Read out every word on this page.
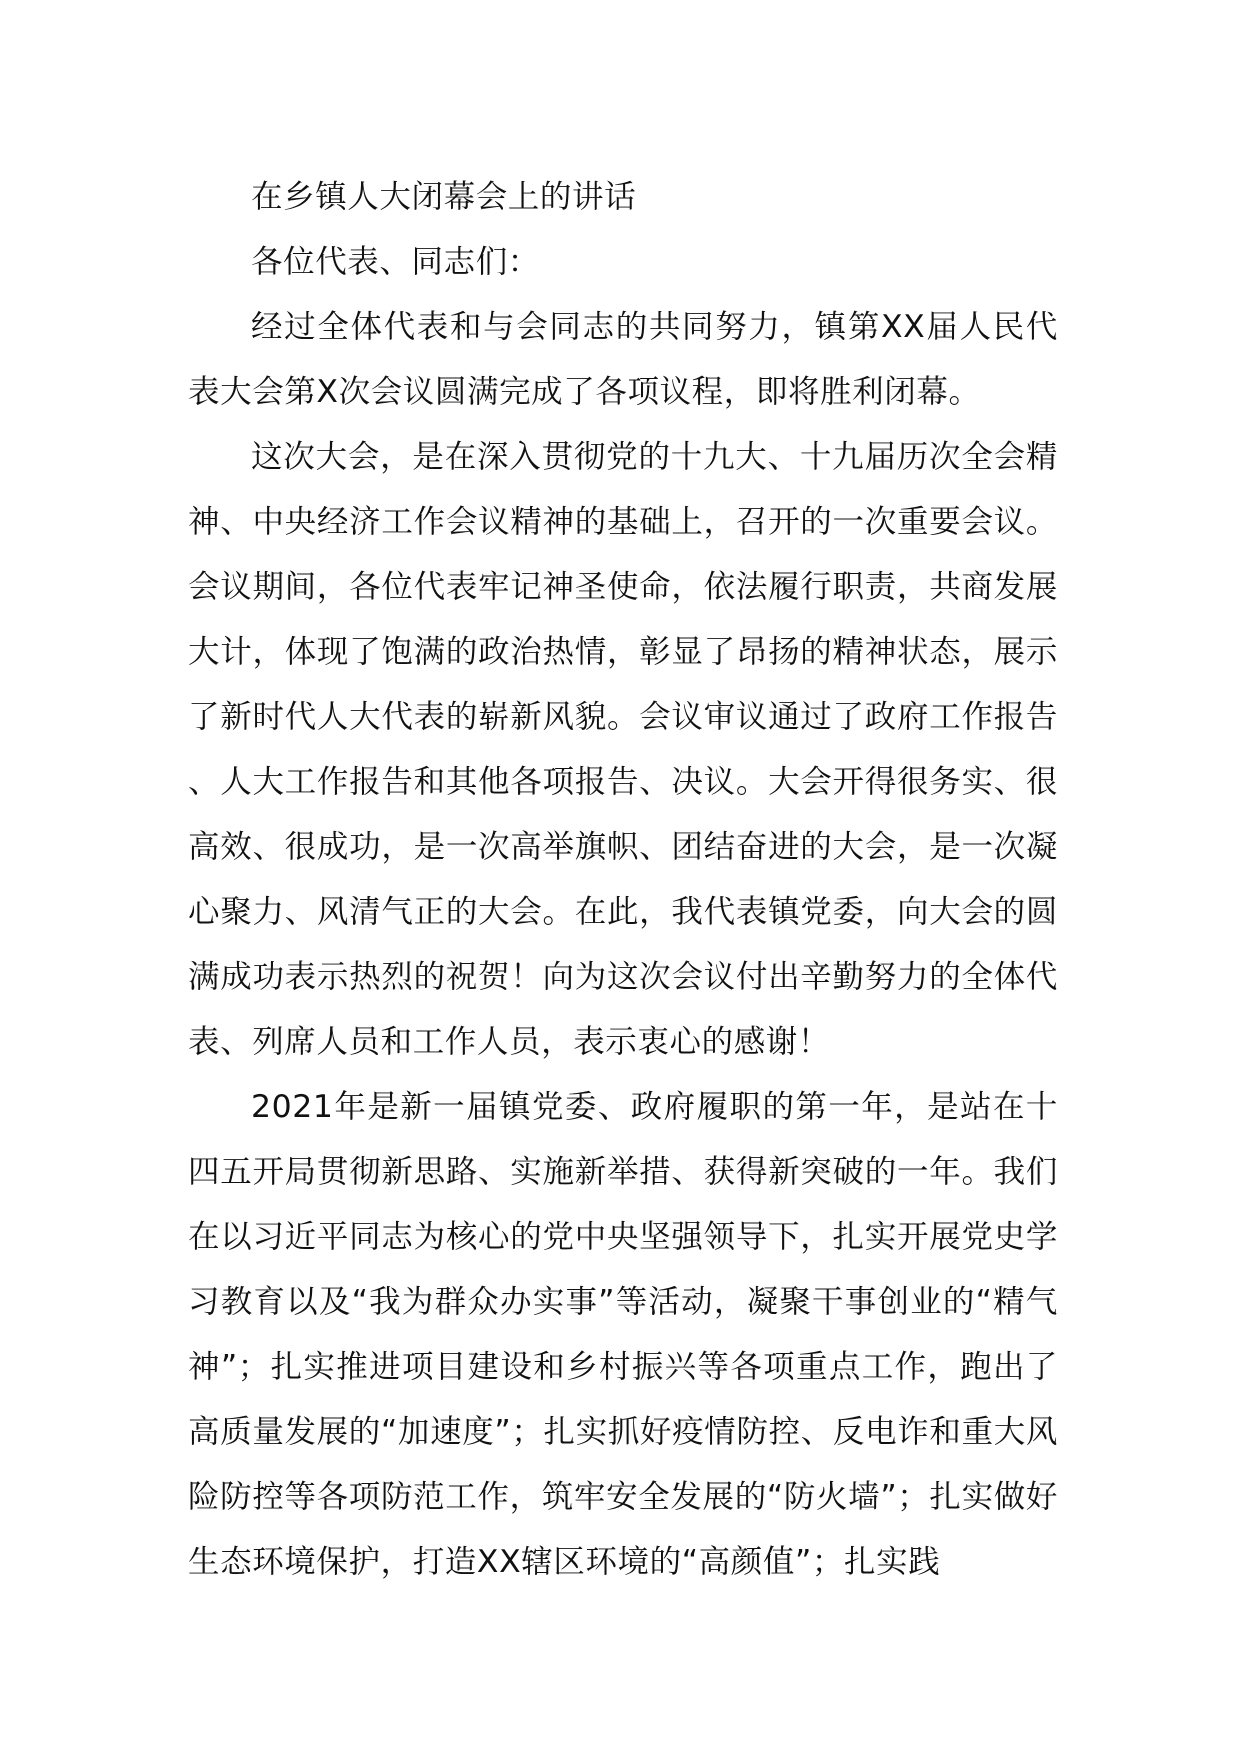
在乡镇人大闭幕会上的讲话

各位代表、同志们：

经过全体代表和与会同志的共同努力，镇第XX届人民代表大会第X次会议圆满完成了各项议程，即将胜利闭幕。

这次大会，是在深入贯彻党的十九大、十九届历次全会精神、中央经济工作会议精神的基础上，召开的一次重要会议。会议期间，各位代表牢记神圣使命，依法履行职责，共商发展大计，体现了饱满的政治热情，彰显了昂扬的精神状态，展示了新时代人大代表的崭新风貌。会议审议通过了政府工作报告、人大工作报告和其他各项报告、决议。大会开得很务实、很高效、很成功，是一次高举旗帜、团结奋进的大会，是一次凝心聚力、风清气正的大会。在此，我代表镇党委，向大会的圆满成功表示热烈的祝贺！向为这次会议付出辛勤努力的全体代表、列席人员和工作人员，表示衷心的感谢！

2021年是新一届镇党委、政府履职的第一年，是站在十四五开局贯彻新思路、实施新举措、获得新突破的一年。我们在以习近平同志为核心的党中央坚强领导下，扎实开展党史学习教育以及“我为群众办实事”等活动，凝聚干事创业的“精气神”；扎实推进项目建设和乡村振兴等各项重点工作，跑出了高质量发展的“加速度”；扎实抓好疫情防控、反电诈和重大风险防控等各项防范工作，筑牢安全发展的“防火墙”；扎实做好生态环境保护，打造XX辖区环境的“高颜值”；扎实践
